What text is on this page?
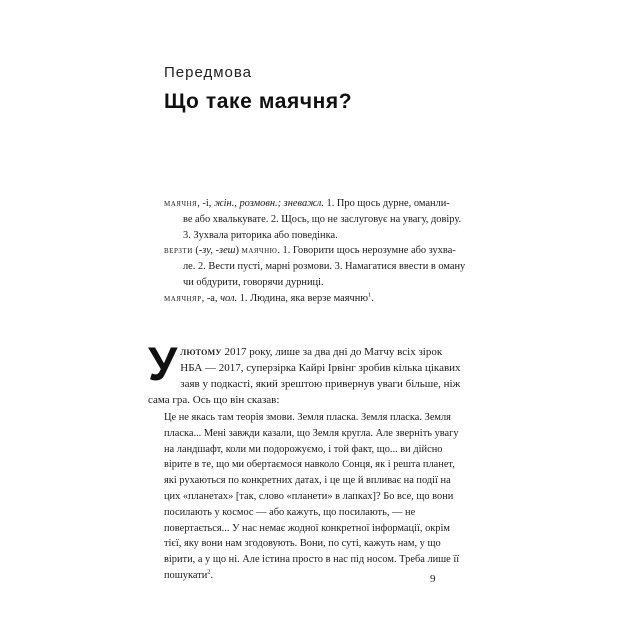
Передмова
Що таке маячня?

маячня, -і, жін., розмовн.; зневажл. 1. Про щось дурне, оманли-

ве або хвалькувате. 2. Щось, що не заслуговує на увагу, довіру.

3. Зухвала риторика або поведінка.

верзти (-зу, -зеш) маячню. 1. Говорити щось нерозумне або зухва-

ле. 2. Вести пусті, марні розмови. 3. Намагатися ввести в оману

чи обдурити, говорячи дурниці.

маячняр, -а, чол. 1. Людина, яка верзе маячню$^1$.

Улютому 2017 року, лише за два дні до Матчу всіх зірок НБА — 2017, суперзірка Кайрі Ірвінг зробив кілька цікавих заяв у подкасті, який зрештою привернув уваги більше, ніж сама гра. Ось що він сказав:

Це не якась там теорія змови. Земля пласка. Земля пласка. Земля пласка... Мені завжди казали, що Земля кругла. Але зверніть увагу на ландшафт, коли ми подорожуємо, і той факт, що... ви дійсно вірите в те, що ми обертаємося навколо Сонця, як і решта планет, які рухаються по конкретних датах, і це ще й впливає на події на цих «планетах» [так, слово «планети» в лапках]? Бо все, що вони посилають у космос — або кажуть, що посилають, — не повертається... У нас немає жодної конкретної інформації, окрім тієї, яку вони нам згодовують. Вони, по суті, кажуть нам, у що вірити, а у що ні. Але істина просто в нас під носом. Треба лише її пошукати$^2$.	9
